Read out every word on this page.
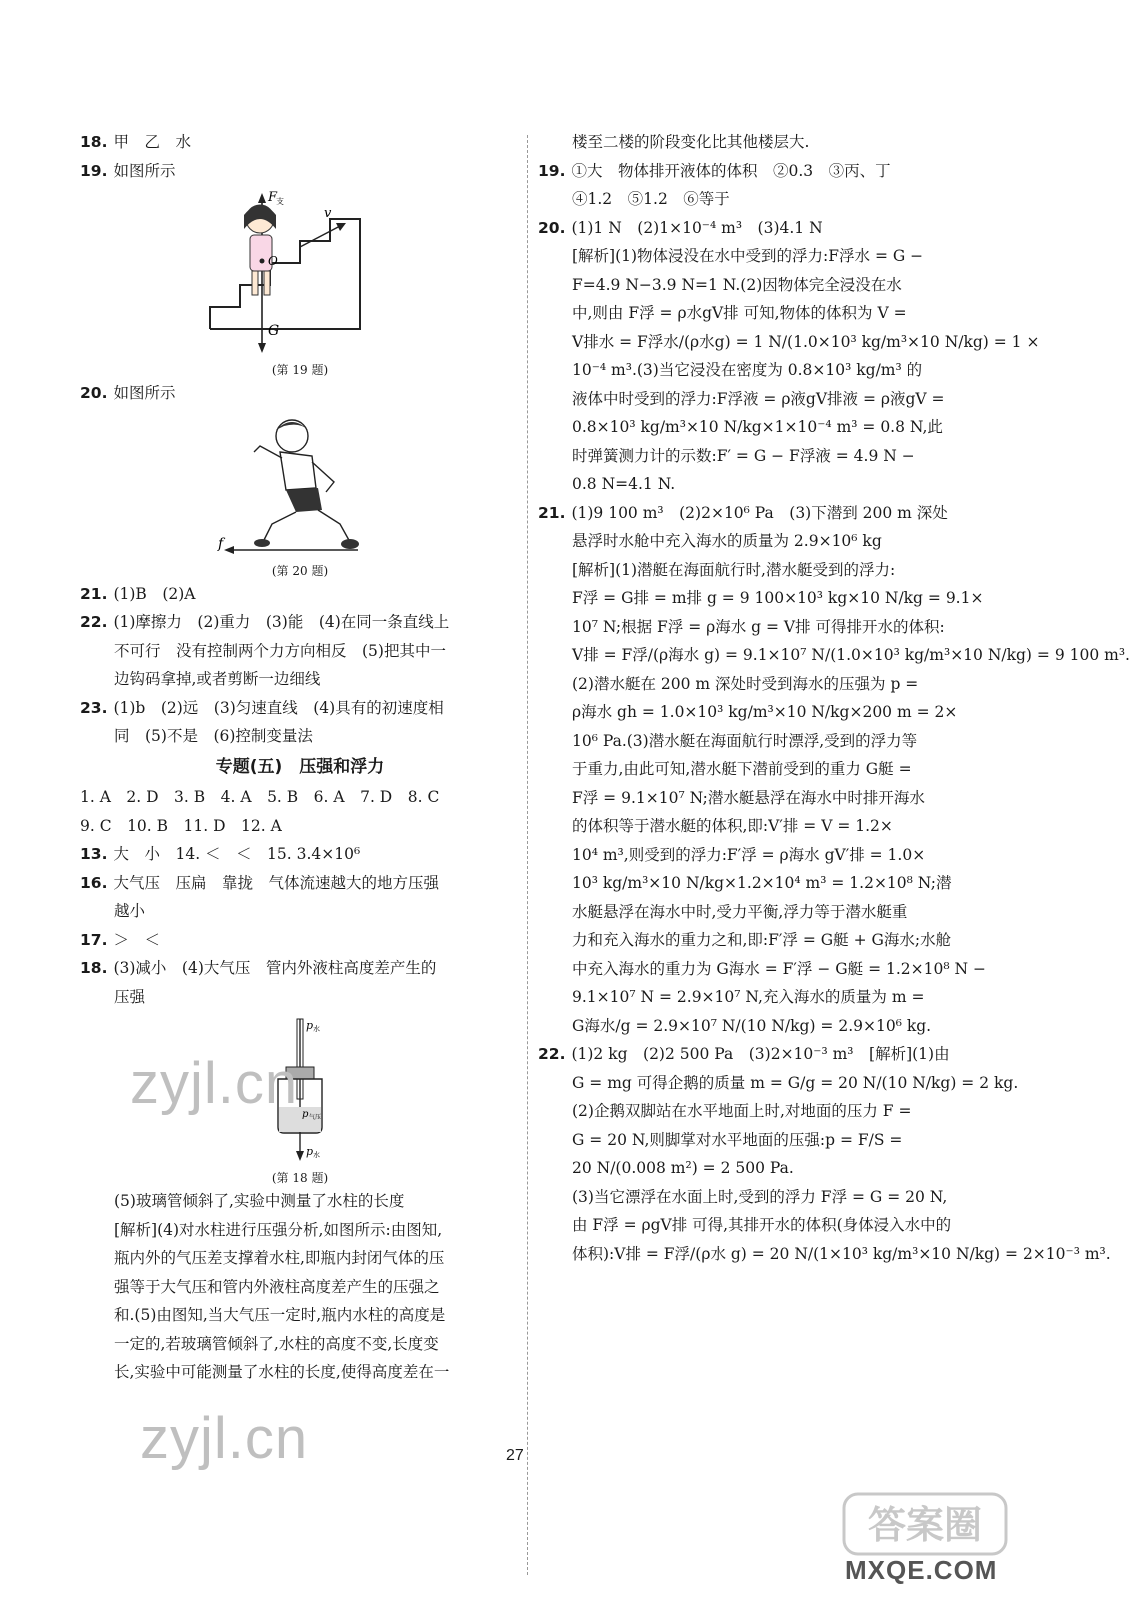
18. 甲　乙　水
19. 如图所示
F
支
v
O
G
(第 19 题)
20. 如图所示
f
(第 20 题)
21. (1)B　(2)A
22. (1)摩擦力　(2)重力　(3)能　(4)在同一条直线上
不可行　没有控制两个力方向相反　(5)把其中一
边钩码拿掉,或者剪断一边细线
23. (1)b　(2)远　(3)匀速直线　(4)具有的初速度相
同　(5)不是　(6)控制变量法
专题(五)　压强和浮力
1. A　2. D　3. B　4. A　5. B　6. A　7. D　8. C
9. C　10. B　11. D　12. A
13. 大　小　14. ＜　＜　15. 3.4×10⁶
16. 大气压　压扁　靠拢　气体流速越大的地方压强
越小
17. ＞　＜
18. (3)减小　(4)大气压　管内外液柱高度差产生的
压强
p 水
p 气压
p 水
(第 18 题)
(5)玻璃管倾斜了,实验中测量了水柱的长度
[解析](4)对水柱进行压强分析,如图所示:由图知,
瓶内外的气压差支撑着水柱,即瓶内封闭气体的压
强等于大气压和管内外液柱高度差产生的压强之
和.(5)由图知,当大气压一定时,瓶内水柱的高度是
一定的,若玻璃管倾斜了,水柱的高度不变,长度变
长,实验中可能测量了水柱的长度,使得高度差在一
楼至二楼的阶段变化比其他楼层大.
19. ①大　物体排开液体的体积　②0.3　③丙、丁
④1.2　⑤1.2　⑥等于
20. (1)1 N　(2)1×10⁻⁴ m³　(3)4.1 N
[解析](1)物体浸没在水中受到的浮力:F浮水 = G −
F=4.9 N−3.9 N=1 N.(2)因物体完全浸没在水
中,则由 F浮 = ρ水gV排 可知,物体的体积为 V =
V排水 = F浮水/(ρ水g) = 1 N/(1.0×10³ kg/m³×10 N/kg) = 1 ×
10⁻⁴ m³.(3)当它浸没在密度为 0.8×10³ kg/m³ 的
液体中时受到的浮力:F浮液 = ρ液gV排液 = ρ液gV =
0.8×10³ kg/m³×10 N/kg×1×10⁻⁴ m³ = 0.8 N,此
时弹簧测力计的示数:F′ = G − F浮液 = 4.9 N −
0.8 N=4.1 N.
21. (1)9 100 m³　(2)2×10⁶ Pa　(3)下潜到 200 m 深处
悬浮时水舱中充入海水的质量为 2.9×10⁶ kg
[解析](1)潜艇在海面航行时,潜水艇受到的浮力:
F浮 = G排 = m排 g = 9 100×10³ kg×10 N/kg = 9.1×
10⁷ N;根据 F浮 = ρ海水 g = V排 可得排开水的体积:
V排 = F浮/(ρ海水 g) = 9.1×10⁷ N/(1.0×10³ kg/m³×10 N/kg) = 9 100 m³.
(2)潜水艇在 200 m 深处时受到海水的压强为 p =
ρ海水 gh = 1.0×10³ kg/m³×10 N/kg×200 m = 2×
10⁶ Pa.(3)潜水艇在海面航行时漂浮,受到的浮力等
于重力,由此可知,潜水艇下潜前受到的重力 G艇 =
F浮 = 9.1×10⁷ N;潜水艇悬浮在海水中时排开海水
的体积等于潜水艇的体积,即:V′排 = V = 1.2×
10⁴ m³,则受到的浮力:F′浮 = ρ海水 gV′排 = 1.0×
10³ kg/m³×10 N/kg×1.2×10⁴ m³ = 1.2×10⁸ N;潜
水艇悬浮在海水中时,受力平衡,浮力等于潜水艇重
力和充入海水的重力之和,即:F′浮 = G艇 + G海水;水舱
中充入海水的重力为 G海水 = F′浮 − G艇 = 1.2×10⁸ N −
9.1×10⁷ N = 2.9×10⁷ N,充入海水的质量为 m =
G海水/g = 2.9×10⁷ N/(10 N/kg) = 2.9×10⁶ kg.
22. (1)2 kg　(2)2 500 Pa　(3)2×10⁻³ m³　[解析](1)由
G = mg 可得企鹅的质量 m = G/g = 20 N/(10 N/kg) = 2 kg.
(2)企鹅双脚站在水平地面上时,对地面的压力 F =
G = 20 N,则脚掌对水平地面的压强:p = F/S =
20 N/(0.008 m²) = 2 500 Pa.
(3)当它漂浮在水面上时,受到的浮力 F浮 = G = 20 N,
由 F浮 = ρgV排 可得,其排开水的体积(身体浸入水中的
体积):V排 = F浮/(ρ水 g) = 20 N/(1×10³ kg/m³×10 N/kg) = 2×10⁻³ m³.
27
zyjl.cn
zyjl.cn
答案圈
MXQE.COM
